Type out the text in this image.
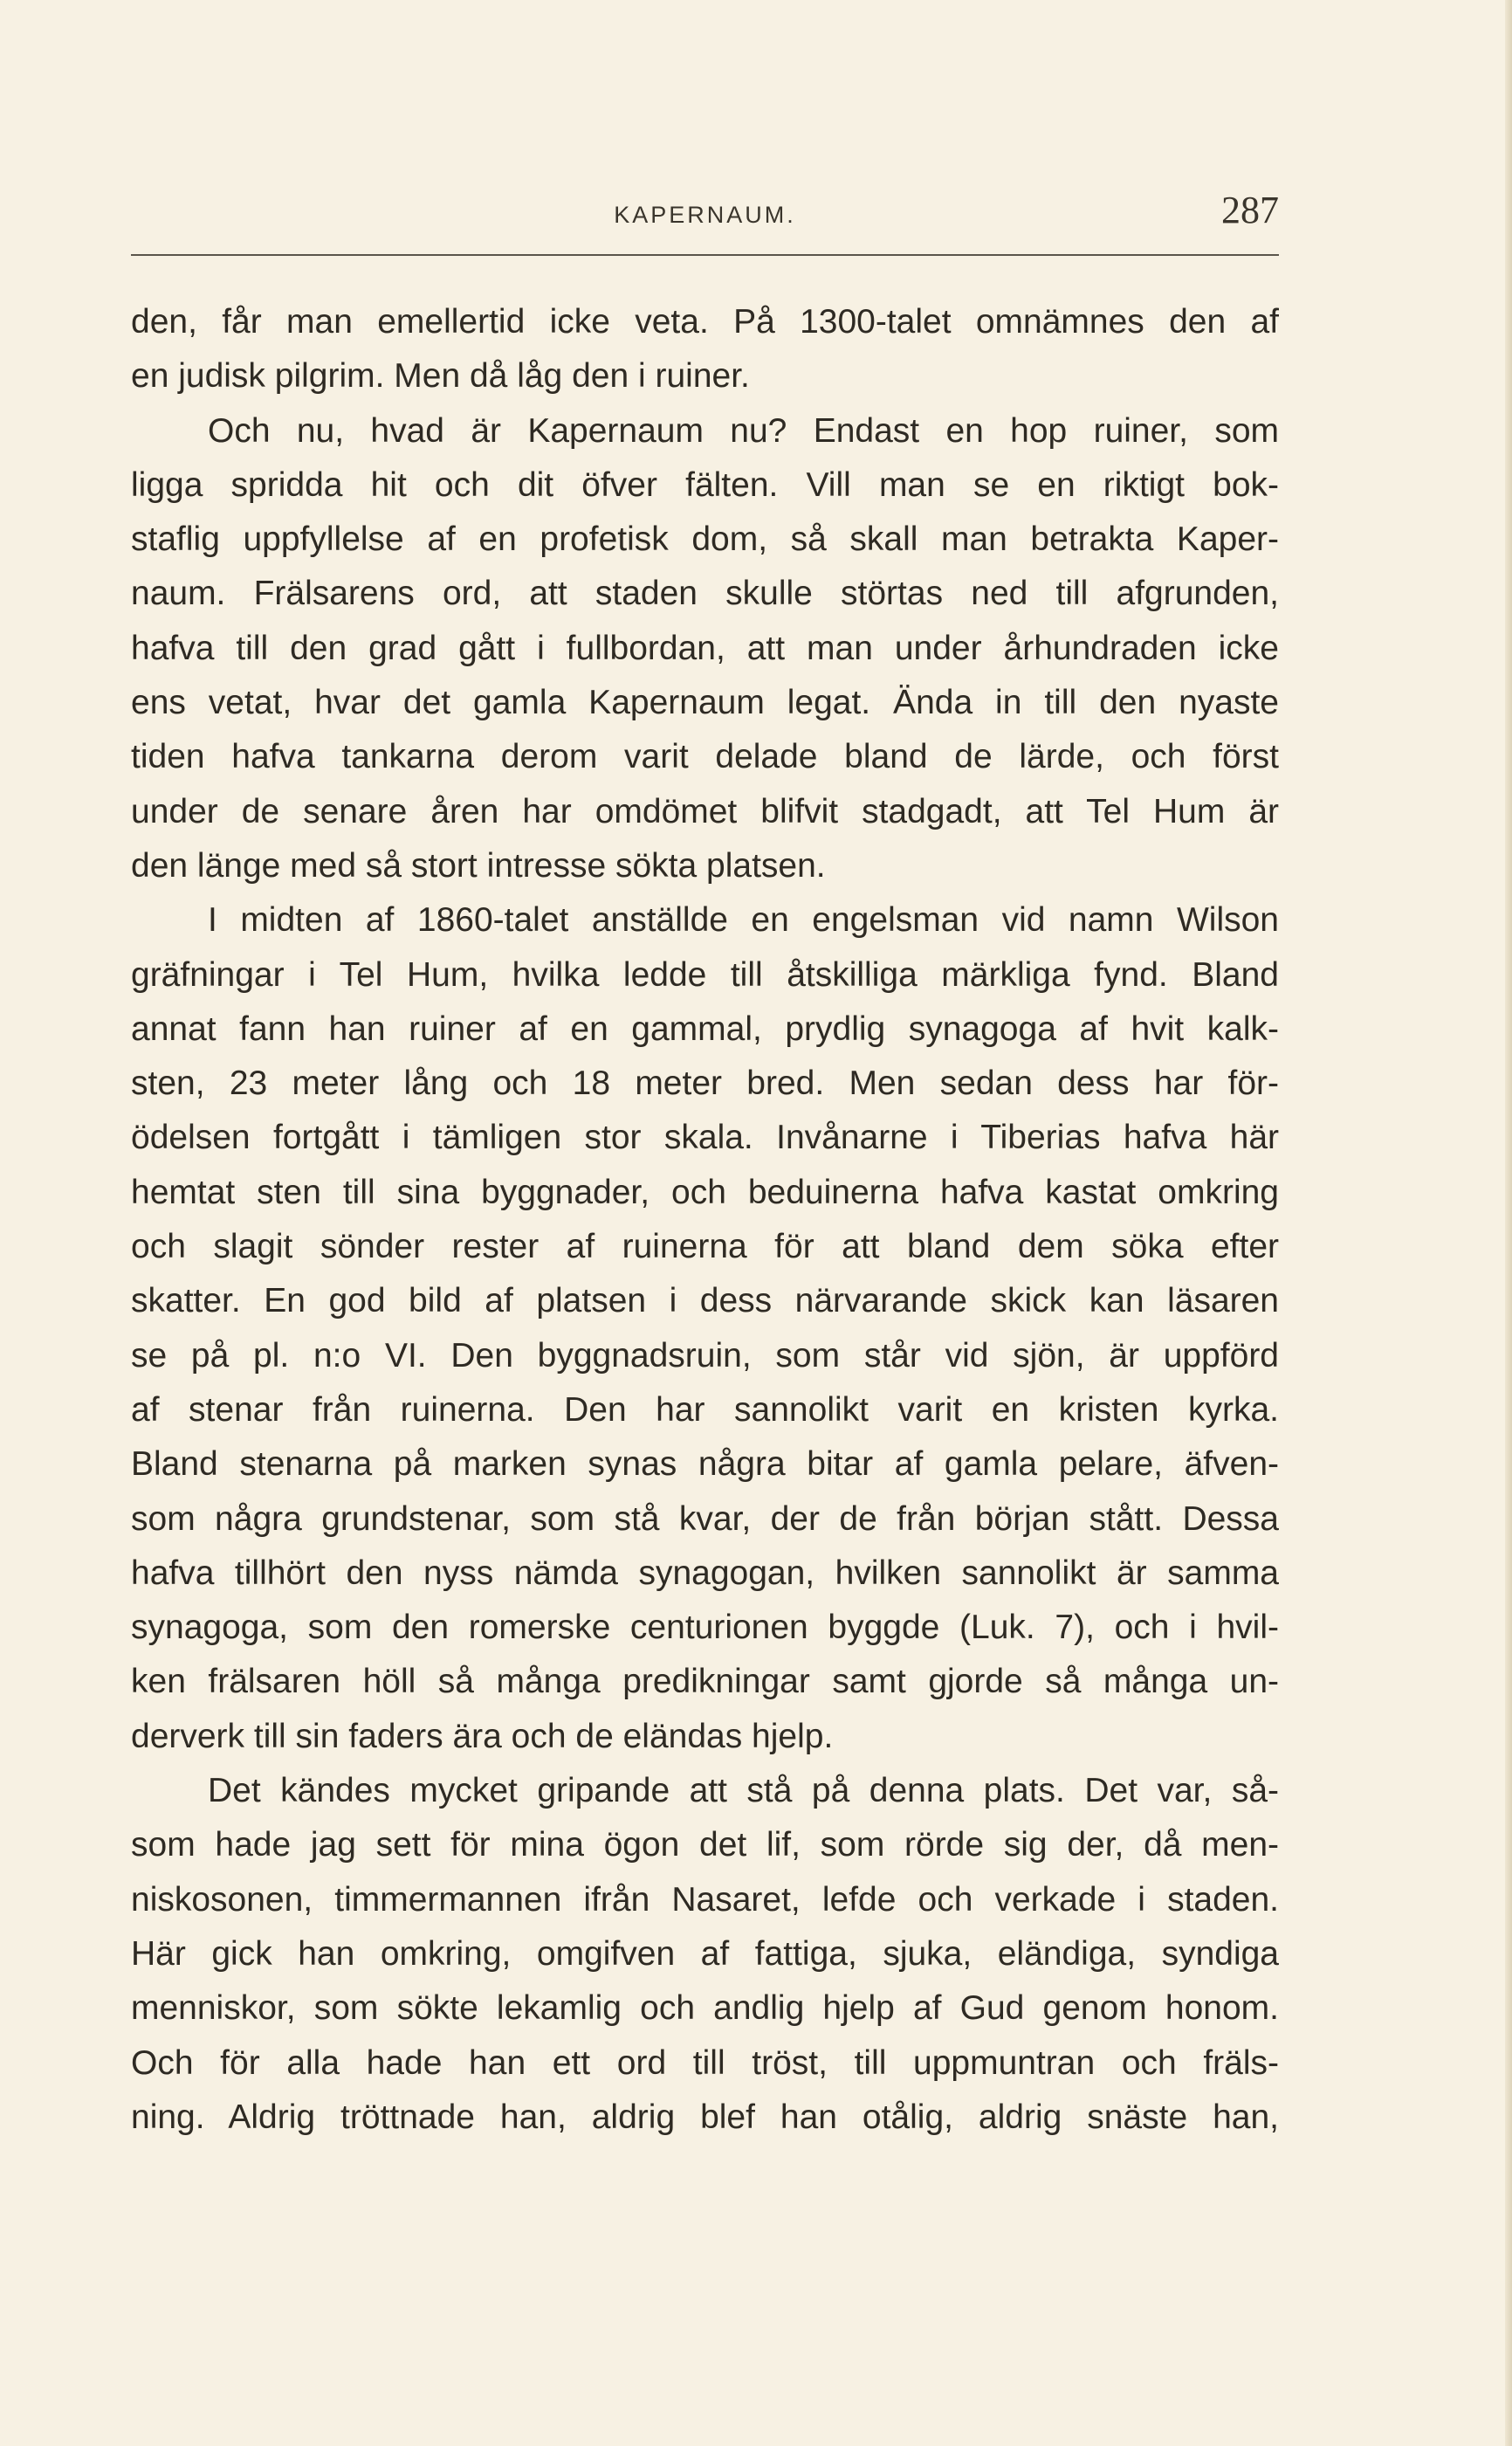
KAPERNAUM.	287
den, får man emellertid icke veta. På 1300-talet omnämnes den af
en judisk pilgrim. Men då låg den i ruiner.
Och nu, hvad är Kapernaum nu? Endast en hop ruiner, som
ligga spridda hit och dit öfver fälten. Vill man se en riktigt bok-
staflig uppfyllelse af en profetisk dom, så skall man betrakta Kaper-
naum. Frälsarens ord, att staden skulle störtas ned till afgrunden,
hafva till den grad gått i fullbordan, att man under århundraden icke
ens vetat, hvar det gamla Kapernaum legat. Ända in till den nyaste
tiden hafva tankarna derom varit delade bland de lärde, och först
under de senare åren har omdömet blifvit stadgadt, att Tel Hum är
den länge med så stort intresse sökta platsen.
I midten af 1860-talet anställde en engelsman vid namn Wilson
gräfningar i Tel Hum, hvilka ledde till åtskilliga märkliga fynd. Bland
annat fann han ruiner af en gammal, prydlig synagoga af hvit kalk-
sten, 23 meter lång och 18 meter bred. Men sedan dess har för-
ödelsen fortgått i tämligen stor skala. Invånarne i Tiberias hafva här
hemtat sten till sina byggnader, och beduinerna hafva kastat omkring
och slagit sönder rester af ruinerna för att bland dem söka efter
skatter. En god bild af platsen i dess närvarande skick kan läsaren
se på pl. n:o VI. Den byggnadsruin, som står vid sjön, är uppförd
af stenar från ruinerna. Den har sannolikt varit en kristen kyrka.
Bland stenarna på marken synas några bitar af gamla pelare, äfven-
som några grundstenar, som stå kvar, der de från början stått. Dessa
hafva tillhört den nyss nämda synagogan, hvilken sannolikt är samma
synagoga, som den romerske centurionen byggde (Luk. 7), och i hvil-
ken frälsaren höll så många predikningar samt gjorde så många un-
derverk till sin faders ära och de eländas hjelp.
Det kändes mycket gripande att stå på denna plats. Det var, så-
som hade jag sett för mina ögon det lif, som rörde sig der, då men-
niskosonen, timmermannen ifrån Nasaret, lefde och verkade i staden.
Här gick han omkring, omgifven af fattiga, sjuka, eländiga, syndiga
menniskor, som sökte lekamlig och andlig hjelp af Gud genom honom.
Och för alla hade han ett ord till tröst, till uppmuntran och fräls-
ning. Aldrig tröttnade han, aldrig blef han otålig, aldrig snäste han,
